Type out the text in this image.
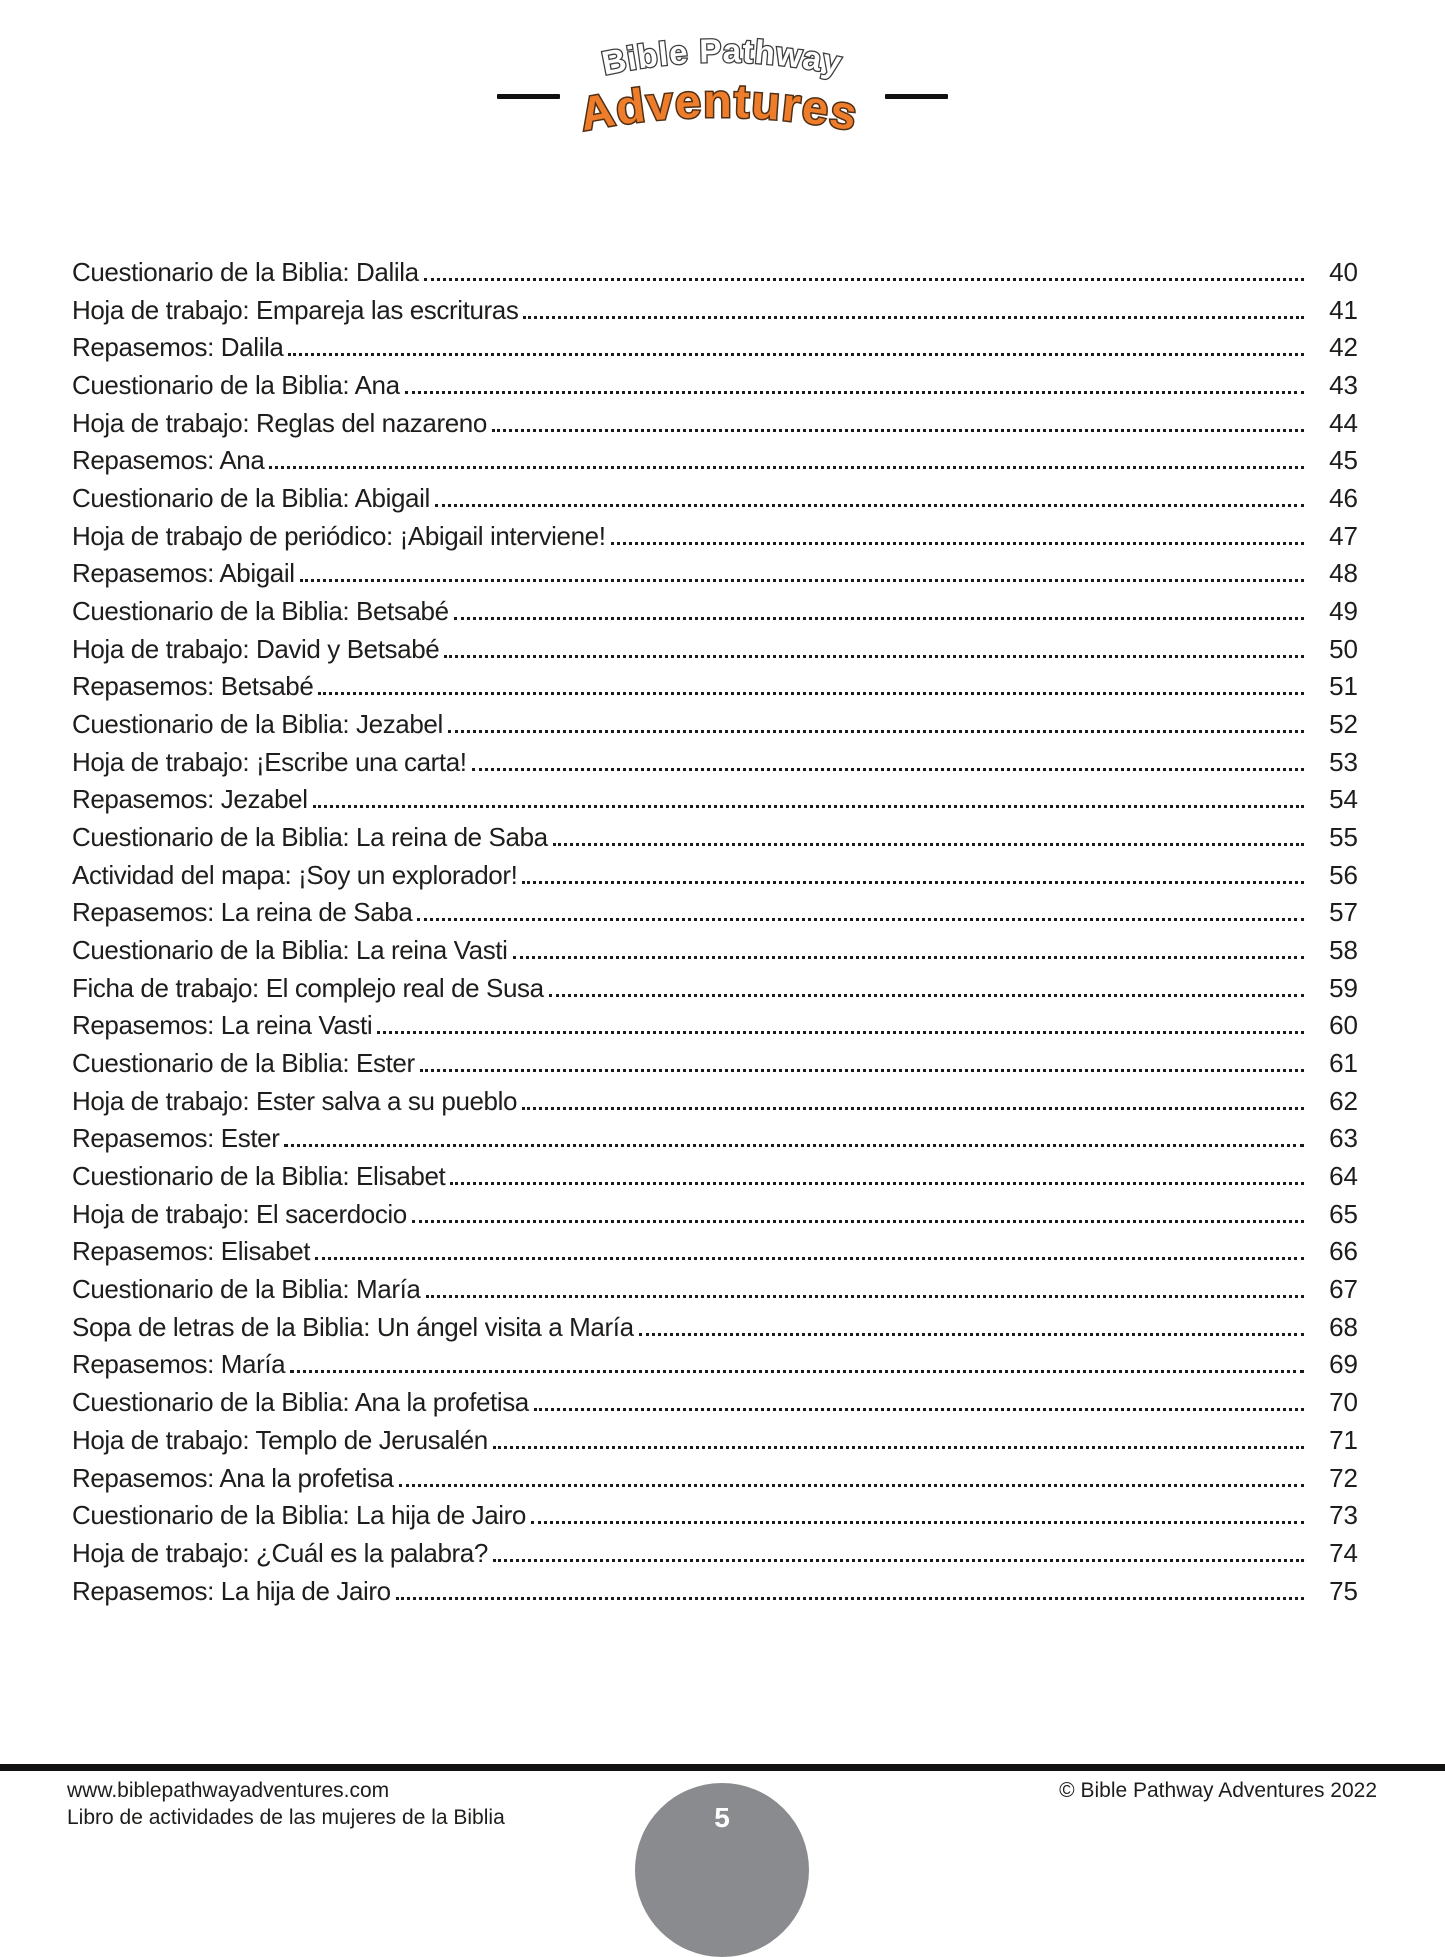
Bible Pathway
Adventures
Cuestionario de la Biblia: Dalila	40
Hoja de trabajo: Empareja las escrituras	41
Repasemos: Dalila	42
Cuestionario de la Biblia: Ana	43
Hoja de trabajo: Reglas del nazareno	44
Repasemos: Ana	45
Cuestionario de la Biblia: Abigail	46
Hoja de trabajo de periódico: ¡Abigail interviene!	47
Repasemos: Abigail	48
Cuestionario de la Biblia: Betsabé	49
Hoja de trabajo: David y Betsabé	50
Repasemos: Betsabé	51
Cuestionario de la Biblia: Jezabel	52
Hoja de trabajo: ¡Escribe una carta!	53
Repasemos: Jezabel	54
Cuestionario de la Biblia: La reina de Saba	55
Actividad del mapa: ¡Soy un explorador!	56
Repasemos: La reina de Saba	57
Cuestionario de la Biblia: La reina Vasti	58
Ficha de trabajo: El complejo real de Susa	59
Repasemos: La reina Vasti	60
Cuestionario de la Biblia: Ester	61
Hoja de trabajo: Ester salva a su pueblo	62
Repasemos: Ester	63
Cuestionario de la Biblia: Elisabet	64
Hoja de trabajo: El sacerdocio	65
Repasemos: Elisabet	66
Cuestionario de la Biblia: María	67
Sopa de letras de la Biblia: Un ángel visita a María	68
Repasemos: María	69
Cuestionario de la Biblia: Ana la profetisa	70
Hoja de trabajo: Templo de Jerusalén	71
Repasemos: Ana la profetisa	72
Cuestionario de la Biblia: La hija de Jairo	73
Hoja de trabajo: ¿Cuál es la palabra?	74
Repasemos: La hija de Jairo	75
www.biblepathwayadventures.com
Libro de actividades de las mujeres de la Biblia
© Bible Pathway Adventures 2022
5
